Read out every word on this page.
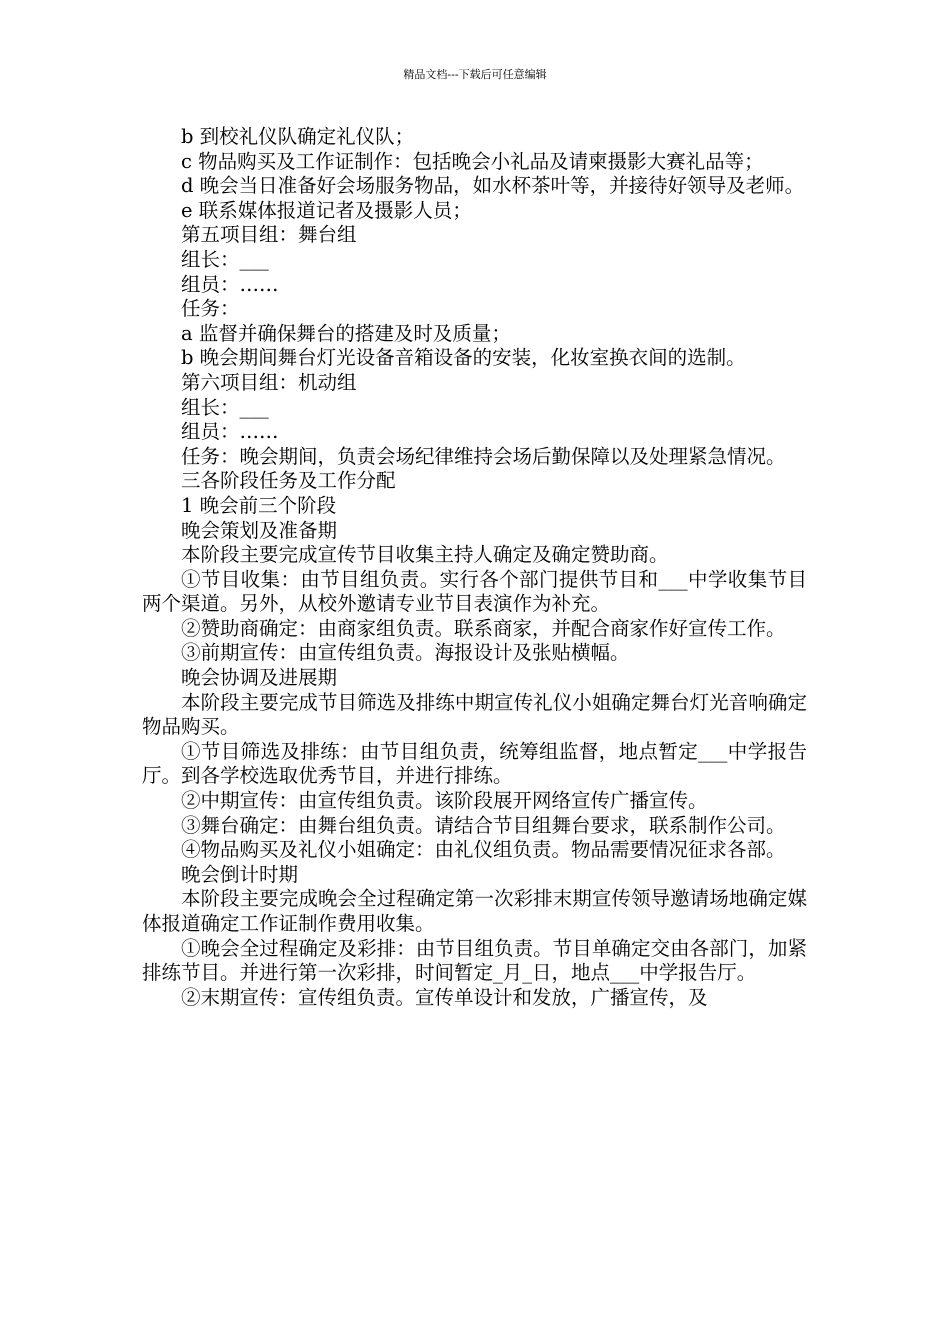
精品文档---下载后可任意编辑

b 到校礼仪队确定礼仪队；

c 物品购买及工作证制作：包括晚会小礼品及请柬摄影大赛礼品等；

d 晚会当日准备好会场服务物品，如水杯茶叶等，并接待好领导及老师。

e 联系媒体报道记者及摄影人员；

第五项目组：舞台组

组长：___

组员：……

任务：

a 监督并确保舞台的搭建及时及质量；

b 晚会期间舞台灯光设备音箱设备的安装，化妆室换衣间的选制。

第六项目组：机动组

组长：___

组员：……

任务：晚会期间，负责会场纪律维持会场后勤保障以及处理紧急情况。

三各阶段任务及工作分配

1 晚会前三个阶段

晚会策划及准备期

本阶段主要完成宣传节目收集主持人确定及确定赞助商。

①节目收集：由节目组负责。实行各个部门提供节目和___中学收集节目两个渠道。另外，从校外邀请专业节目表演作为补充。

②赞助商确定：由商家组负责。联系商家，并配合商家作好宣传工作。

③前期宣传：由宣传组负责。海报设计及张贴横幅。

晚会协调及进展期

本阶段主要完成节目筛选及排练中期宣传礼仪小姐确定舞台灯光音响确定物品购买。

①节目筛选及排练：由节目组负责，统筹组监督，地点暂定___中学报告厅。到各学校选取优秀节目，并进行排练。

②中期宣传：由宣传组负责。该阶段展开网络宣传广播宣传。

③舞台确定：由舞台组负责。请结合节目组舞台要求，联系制作公司。

④物品购买及礼仪小姐确定：由礼仪组负责。物品需要情况征求各部。

晚会倒计时期

本阶段主要完成晚会全过程确定第一次彩排末期宣传领导邀请场地确定媒体报道确定工作证制作费用收集。

①晚会全过程确定及彩排：由节目组负责。节目单确定交由各部门，加紧排练节目。并进行第一次彩排，时间暂定_月_日，地点___中学报告厅。

②末期宣传：宣传组负责。宣传单设计和发放，广播宣传，及
